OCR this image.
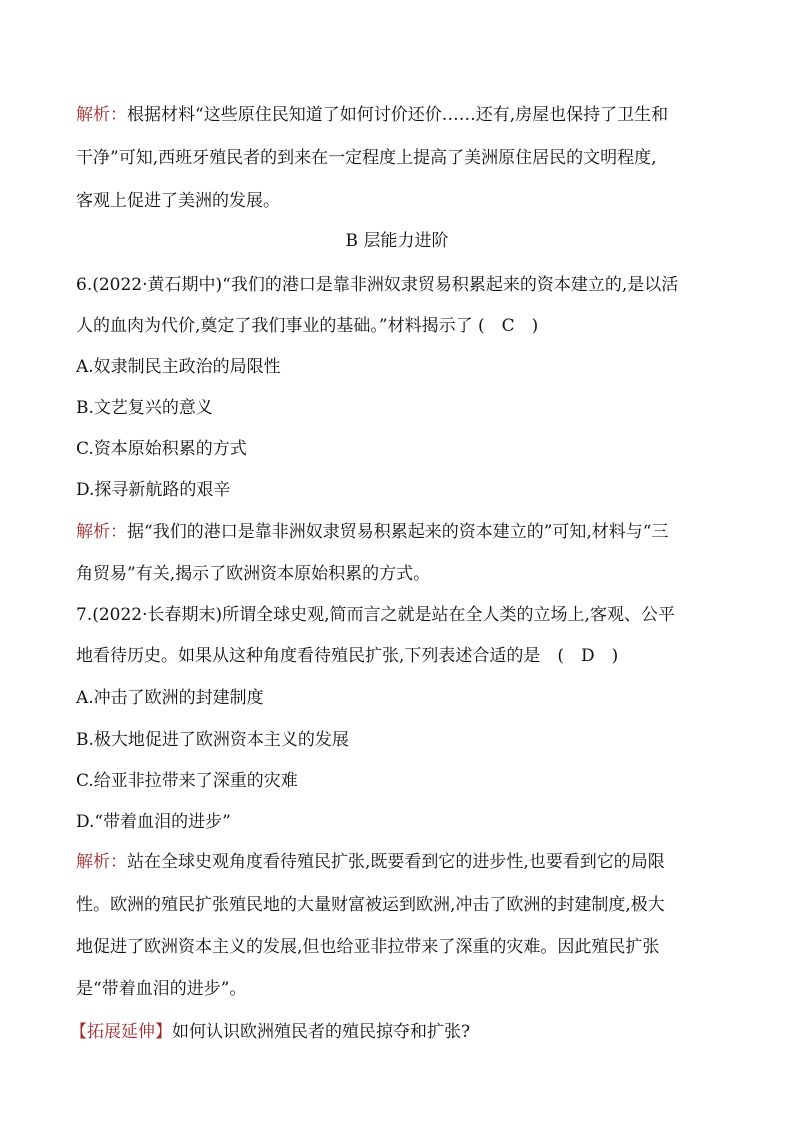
解析：根据材料“这些原住民知道了如何讨价还价……还有,房屋也保持了卫生和
干净”可知,西班牙殖民者的到来在一定程度上提高了美洲原住居民的文明程度,
客观上促进了美洲的发展。
B 层能力进阶
6.(2022·黄石期中)“我们的港口是靠非洲奴隶贸易积累起来的资本建立的,是以活
人的血肉为代价,奠定了我们事业的基础。”材料揭示了 (　C　)
A.奴隶制民主政治的局限性
B.文艺复兴的意义
C.资本原始积累的方式
D.探寻新航路的艰辛
解析：据“我们的港口是靠非洲奴隶贸易积累起来的资本建立的”可知,材料与“三
角贸易”有关,揭示了欧洲资本原始积累的方式。
7.(2022·长春期末)所谓全球史观,简而言之就是站在全人类的立场上,客观、公平
地看待历史。如果从这种角度看待殖民扩张,下列表述合适的是　(　D　)
A.冲击了欧洲的封建制度
B.极大地促进了欧洲资本主义的发展
C.给亚非拉带来了深重的灾难
D.“带着血泪的进步”
解析：站在全球史观角度看待殖民扩张,既要看到它的进步性,也要看到它的局限
性。欧洲的殖民扩张殖民地的大量财富被运到欧洲,冲击了欧洲的封建制度,极大
地促进了欧洲资本主义的发展,但也给亚非拉带来了深重的灾难。因此殖民扩张
是“带着血泪的进步”。
【拓展延伸】如何认识欧洲殖民者的殖民掠夺和扩张?
